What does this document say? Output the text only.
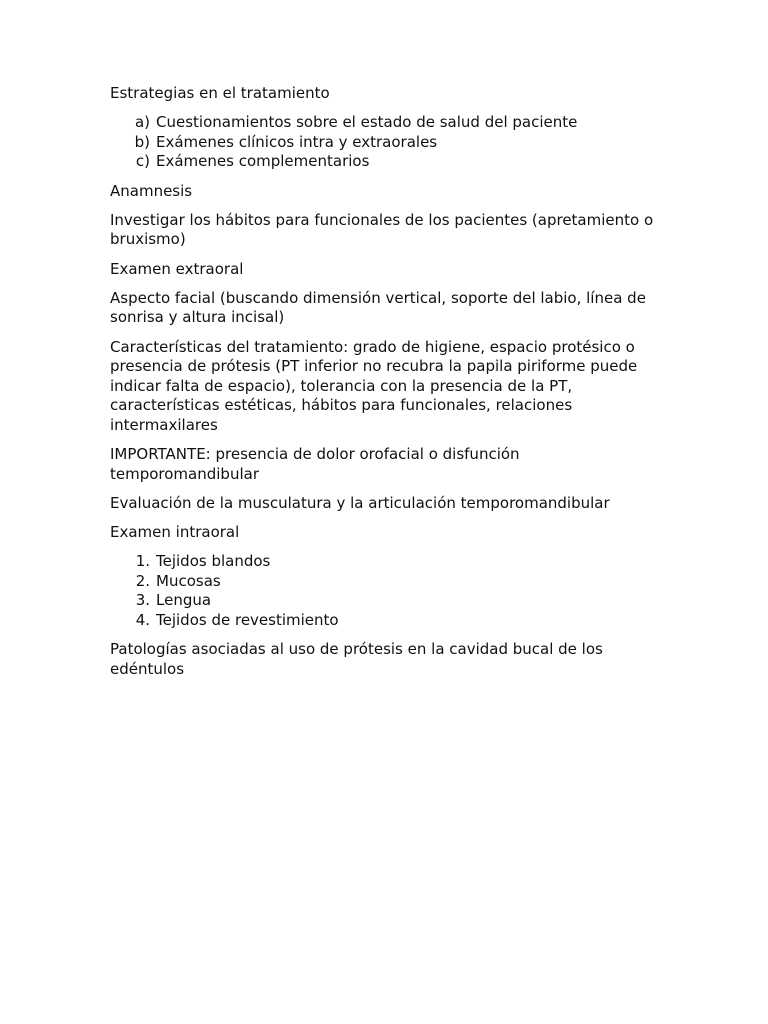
Estrategias en el tratamiento

a) Cuestionamientos sobre el estado de salud del paciente
b) Exámenes clínicos intra y extraorales
c) Exámenes complementarios

Anamnesis

Investigar los hábitos para funcionales de los pacientes (apretamiento o bruxismo)

Examen extraoral

Aspecto facial (buscando dimensión vertical, soporte del labio, línea de sonrisa y altura incisal)

Características del tratamiento: grado de higiene, espacio protésico o presencia de prótesis (PT inferior no recubra la papila piriforme puede indicar falta de espacio), tolerancia con la presencia de la PT, características estéticas, hábitos para funcionales, relaciones intermaxilares

IMPORTANTE: presencia de dolor orofacial o disfunción temporomandibular

Evaluación de la musculatura y la articulación temporomandibular

Examen intraoral

1. Tejidos blandos
2. Mucosas
3. Lengua
4. Tejidos de revestimiento

Patologías asociadas al uso de prótesis en la cavidad bucal de los edéntulos
